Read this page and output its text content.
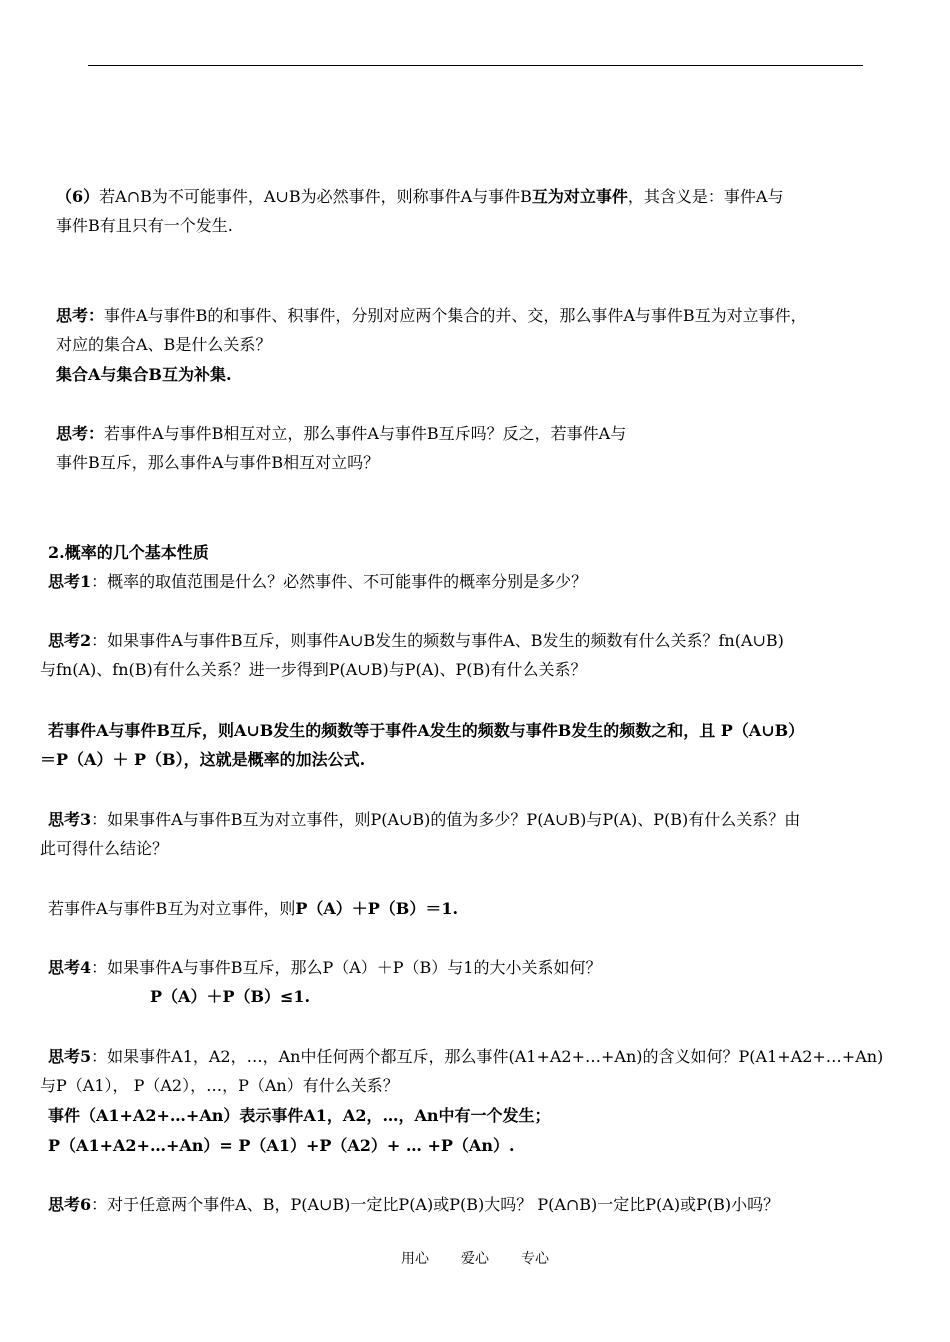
（6）若A∩B为不可能事件，A∪B为必然事件，则称事件A与事件B互为对立事件，其含义是：事件A与
事件B有且只有一个发生.
思考：事件A与事件B的和事件、积事件，分别对应两个集合的并、交，那么事件A与事件B互为对立事件，
对应的集合A、B是什么关系？
集合A与集合B互为补集.
思考：若事件A与事件B相互对立，那么事件A与事件B互斥吗？反之，若事件A与
事件B互斥，那么事件A与事件B相互对立吗？
2.概率的几个基本性质
思考1：概率的取值范围是什么？必然事件、不可能事件的概率分别是多少？
思考2：如果事件A与事件B互斥，则事件A∪B发生的频数与事件A、B发生的频数有什么关系？fn(A∪B)
与fn(A)、fn(B)有什么关系？进一步得到P(A∪B)与P(A)、P(B)有什么关系？
若事件A与事件B互斥，则A∪B发生的频数等于事件A发生的频数与事件B发生的频数之和，且 P（A∪B）
＝P（A）＋ P（B），这就是概率的加法公式.
思考3：如果事件A与事件B互为对立事件，则P(A∪B)的值为多少？P(A∪B)与P(A)、P(B)有什么关系？由
此可得什么结论？
若事件A与事件B互为对立事件，则P（A）＋P（B）＝1.
思考4：如果事件A与事件B互斥，那么P（A）＋P（B）与1的大小关系如何？
P（A）＋P（B）≤1.
思考5：如果事件A1，A2，…，An中任何两个都互斥，那么事件(A1+A2+…+An)的含义如何？P(A1+A2+…+An)
与P（A1）， P（A2），…，P（An）有什么关系？
事件（A1+A2+…+An）表示事件A1，A2，…，An中有一个发生；
P（A1+A2+…+An）= P（A1）+P（A2）+ … +P（An）.
思考6：对于任意两个事件A、B，P(A∪B)一定比P(A)或P(B)大吗？ P(A∩B)一定比P(A)或P(B)小吗？
用心 爱心 专心
